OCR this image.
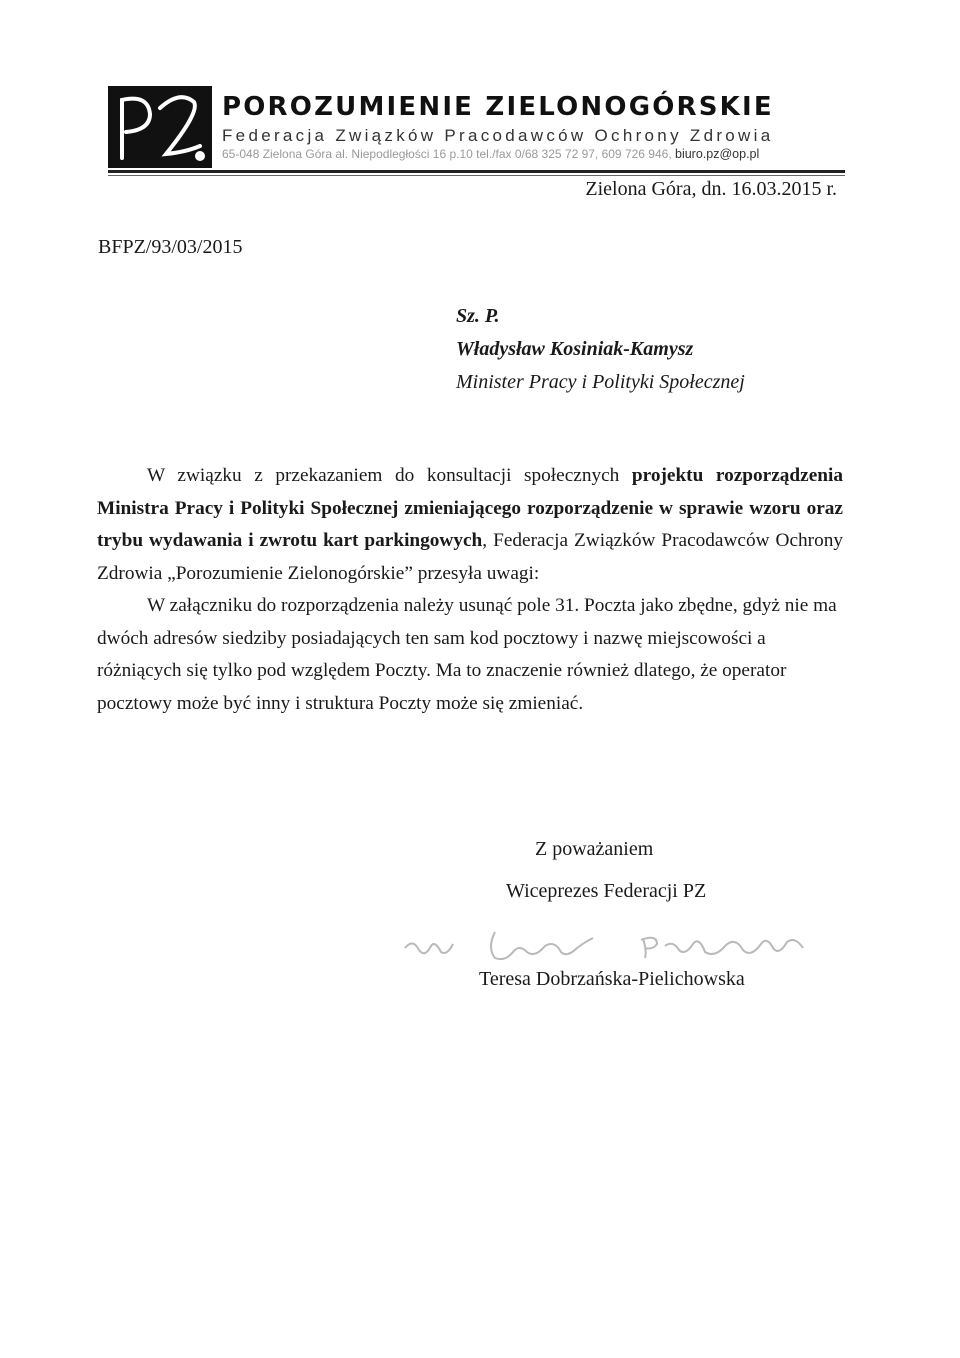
POROZUMIENIE ZIELONOGÓRSKIE
Federacja Związków Pracodawców Ochrony Zdrowia
65-048 Zielona Góra al. Niepodległości 16 p.10 tel./fax 0/68 325 72 97, 609 726 946, biuro.pz@op.pl
Zielona Góra, dn. 16.03.2015 r.
BFPZ/93/03/2015
Sz. P.
Władysław Kosiniak-Kamysz
Minister Pracy i Polityki Społecznej

W związku z przekazaniem do konsultacji społecznych projektu rozporządzenia Ministra Pracy i Polityki Społecznej zmieniającego rozporządzenie w sprawie wzoru oraz trybu wydawania i zwrotu kart parkingowych, Federacja Związków Pracodawców Ochrony Zdrowia „Porozumienie Zielonogórskie” przesyła uwagi:

W załączniku do rozporządzenia należy usunąć pole 31. Poczta jako zbędne, gdyż nie ma dwóch adresów siedziby posiadających ten sam kod pocztowy i nazwę miejscowości a różniących się tylko pod względem Poczty. Ma to znaczenie również dlatego, że operator pocztowy może być inny i struktura Poczty może się zmieniać.

Z poważaniem
Wiceprezes Federacji PZ
Teresa Dobrzańska-Pielichowska
